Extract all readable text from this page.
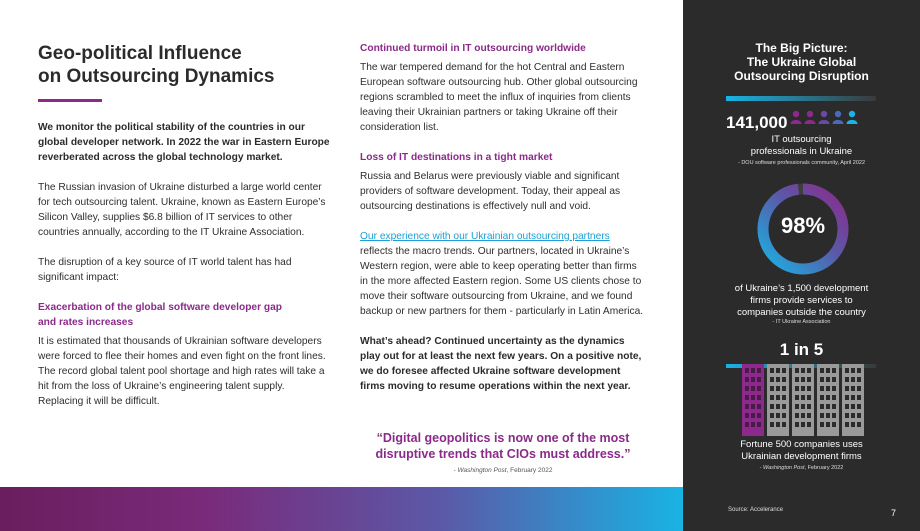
Geo-political Influence
on Outsourcing Dynamics

We monitor the political stability of the countries in our global developer network. In 2022 the war in Eastern Europe reverberated across the global technology market.

The Russian invasion of Ukraine disturbed a large world center for tech outsourcing talent. Ukraine, known as Eastern Europe’s Silicon Valley, supplies $6.8 billion of IT services to other countries annually, according to the IT Ukraine Association.

The disruption of a key source of IT world talent has had significant impact:

Exacerbation of the global software developer gap
and rates increases

It is estimated that thousands of Ukrainian software developers were forced to flee their homes and even fight on the front lines. The record global talent pool shortage and high rates will take a hit from the loss of Ukraine’s engineering talent supply. Replacing it will be difficult.

Continued turmoil in IT outsourcing worldwide

The war tempered demand for the hot Central and Eastern European software outsourcing hub. Other global outsourcing regions scrambled to meet the influx of inquiries from clients leaving their Ukrainian partners or taking Ukraine off their consideration list.

Loss of IT destinations in a tight market

Russia and Belarus were previously viable and significant providers of software development. Today, their appeal as outsourcing destinations is effectively null and void.

Our experience with our Ukrainian outsourcing partners reflects the macro trends. Our partners, located in Ukraine’s Western region, were able to keep operating better than firms in the more affected Eastern region. Some US clients chose to move their software outsourcing from Ukraine, and we found backup or new partners for them - particularly in Latin America.

What’s ahead? Continued uncertainty as the dynamics play out for at least the next few years. On a positive note, we do foresee affected Ukraine software development firms moving to resume operations within the next year.

“Digital geopolitics is now one of the most disruptive trends that CIOs must address.”
- Washington Post, February 2022
The Big Picture:
The Ukraine Global
Outsourcing Disruption
141,000
IT outsourcing
professionals in Ukraine
- DOU software professionals community, April 2022
98%
of Ukraine’s 1,500 development
firms provide services to
companies outside the country
- IT Ukraine Association
1 in 5
Fortune 500 companies uses
Ukrainian development firms
- Washington Post, February 2022
Source: Accelerance	7
